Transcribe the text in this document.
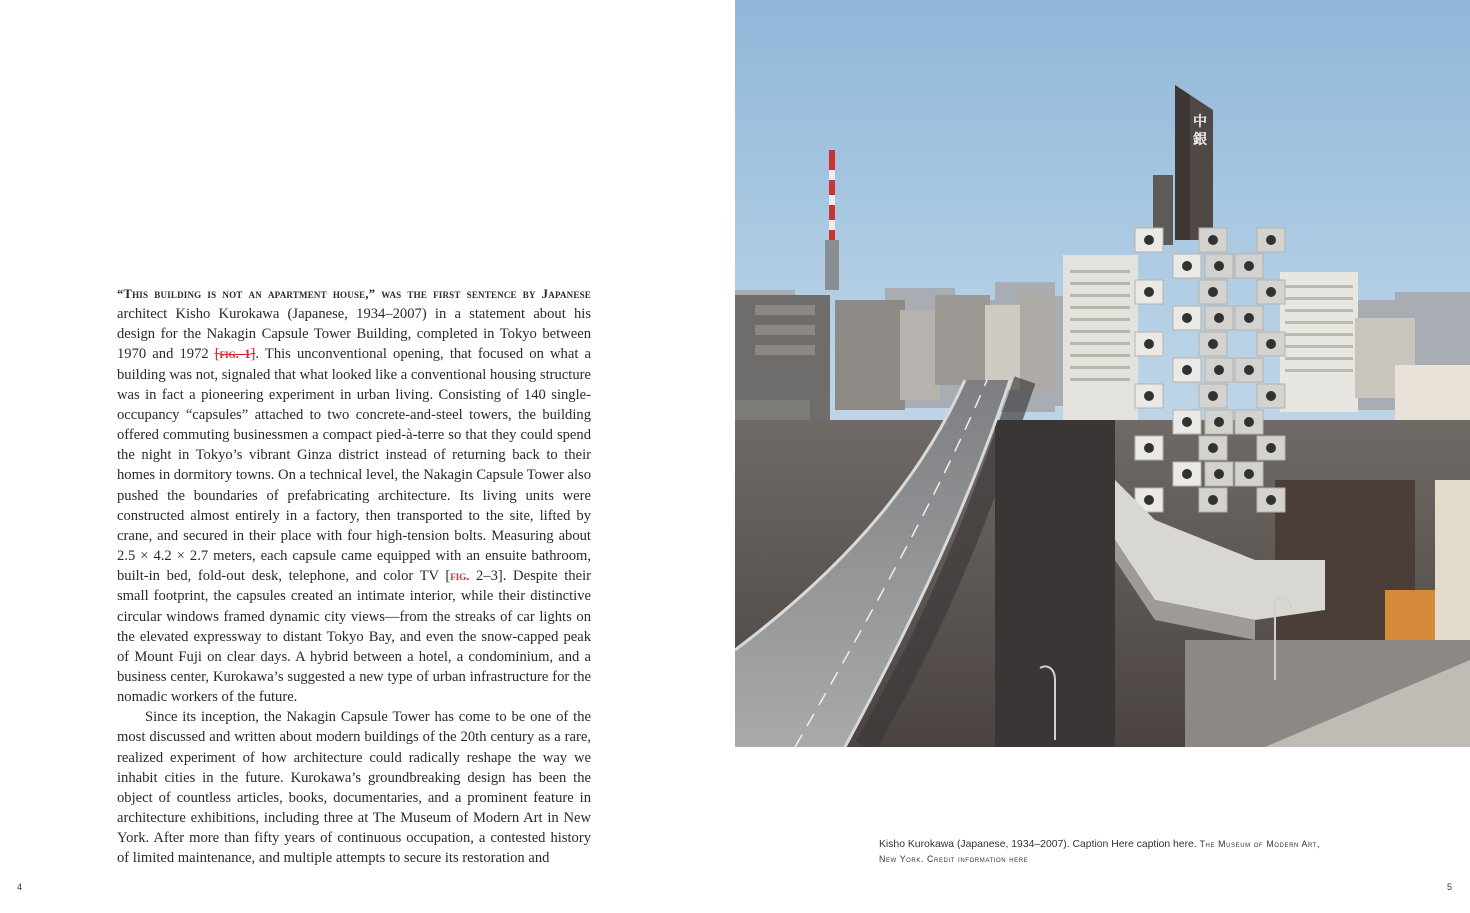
“This building is not an apartment house,” was the first sentence by Japanese architect Kisho Kurokawa (Japanese, 1934–2007) in a statement about his design for the Nakagin Capsule Tower Building, completed in Tokyo between 1970 and 1972 [fig. 1]. This unconventional opening, that focused on what a building was not, signaled that what looked like a conventional housing structure was in fact a pioneering experiment in urban living. Consisting of 140 single-occupancy “capsules” attached to two concrete-and-steel towers, the building offered commuting businessmen a compact pied-à-terre so that they could spend the night in Tokyo’s vibrant Ginza district instead of returning back to their homes in dormitory towns. On a technical level, the Nakagin Capsule Tower also pushed the boundaries of prefabricating architecture. Its living units were constructed almost entirely in a factory, then transported to the site, lifted by crane, and secured in their place with four high-tension bolts. Measuring about 2.5 × 4.2 × 2.7 meters, each capsule came equipped with an ensuite bathroom, built-in bed, fold-out desk, telephone, and color TV [fig. 2–3]. Despite their small footprint, the capsules created an intimate interior, while their distinctive circular windows framed dynamic city views—from the streaks of car lights on the elevated expressway to distant Tokyo Bay, and even the snow-capped peak of Mount Fuji on clear days. A hybrid between a hotel, a condominium, and a business center, Kurokawa’s suggested a new type of urban infrastructure for the nomadic workers of the future.

Since its inception, the Nakagin Capsule Tower has come to be one of the most discussed and written about modern buildings of the 20th century as a rare, realized experiment of how architecture could radically reshape the way we inhabit cities in the future. Kurokawa’s groundbreaking design has been the object of countless articles, books, documentaries, and a prominent feature in architecture exhibitions, including three at The Museum of Modern Art in New York. After more than fifty years of continuous occupation, a contested history of limited maintenance, and multiple attempts to secure its restoration and

4	5
中
銀
Kisho Kurokawa (Japanese, 1934–2007). Caption Here caption here. The Museum of Modern Art, New York. Credit information here
